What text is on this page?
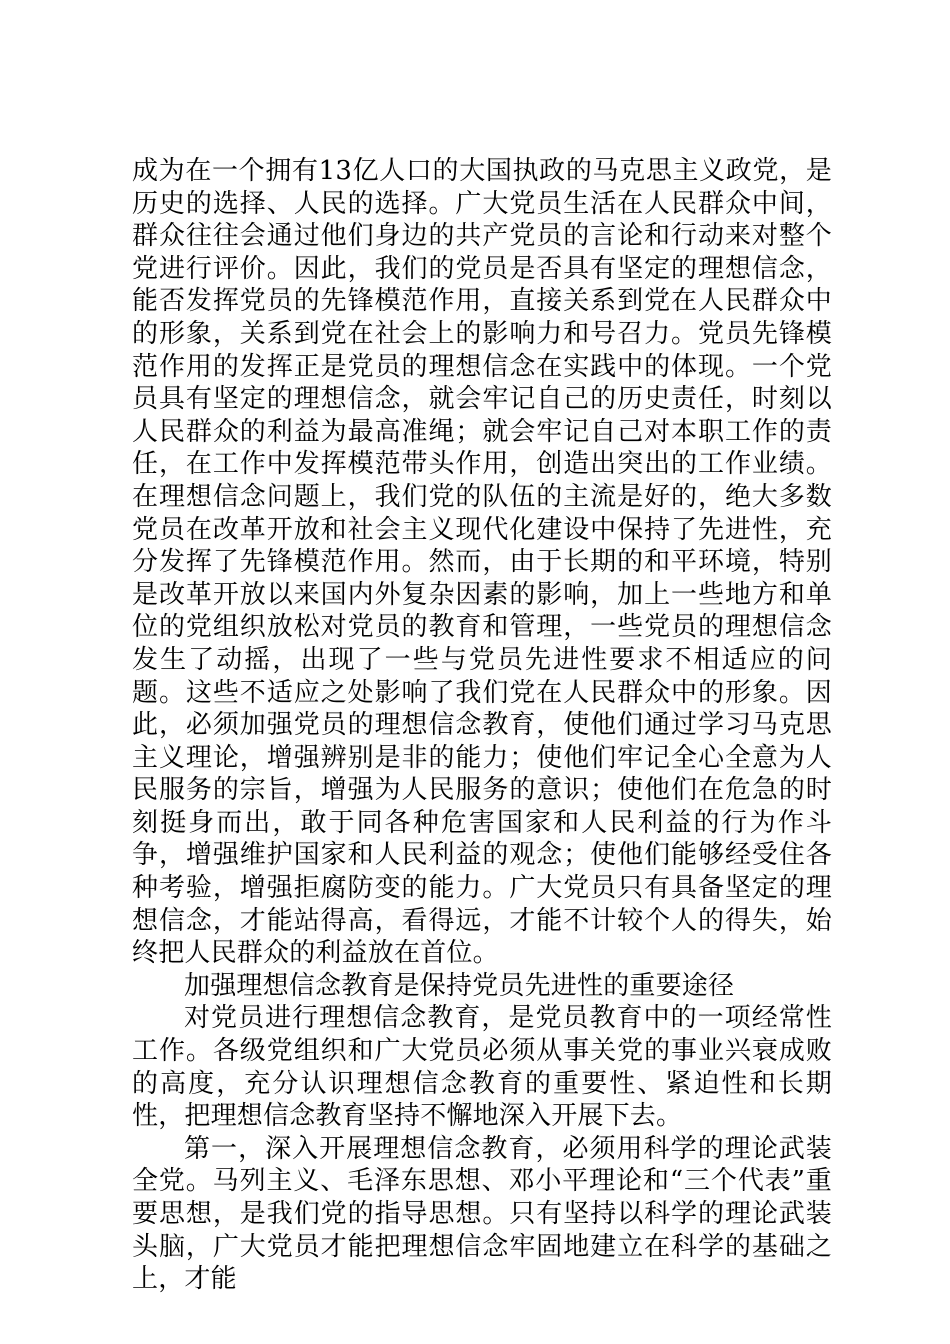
成为在一个拥有13亿人口的大国执政的马克思主义政党，是历史的选择、人民的选择。广大党员生活在人民群众中间，群众往往会通过他们身边的共产党员的言论和行动来对整个党进行评价。因此，我们的党员是否具有坚定的理想信念，能否发挥党员的先锋模范作用，直接关系到党在人民群众中的形象，关系到党在社会上的影响力和号召力。党员先锋模范作用的发挥正是党员的理想信念在实践中的体现。一个党员具有坚定的理想信念，就会牢记自己的历史责任，时刻以人民群众的利益为最高准绳；就会牢记自己对本职工作的责任，在工作中发挥模范带头作用，创造出突出的工作业绩。在理想信念问题上，我们党的队伍的主流是好的，绝大多数党员在改革开放和社会主义现代化建设中保持了先进性，充分发挥了先锋模范作用。然而，由于长期的和平环境，特别是改革开放以来国内外复杂因素的影响，加上一些地方和单位的党组织放松对党员的教育和管理，一些党员的理想信念发生了动摇，出现了一些与党员先进性要求不相适应的问题。这些不适应之处影响了我们党在人民群众中的形象。因此，必须加强党员的理想信念教育，使他们通过学习马克思主义理论，增强辨别是非的能力；使他们牢记全心全意为人民服务的宗旨，增强为人民服务的意识；使他们在危急的时刻挺身而出，敢于同各种危害国家和人民利益的行为作斗争，增强维护国家和人民利益的观念；使他们能够经受住各种考验，增强拒腐防变的能力。广大党员只有具备坚定的理想信念，才能站得高，看得远，才能不计较个人的得失，始终把人民群众的利益放在首位。

加强理想信念教育是保持党员先进性的重要途径

对党员进行理想信念教育，是党员教育中的一项经常性工作。各级党组织和广大党员必须从事关党的事业兴衰成败的高度，充分认识理想信念教育的重要性、紧迫性和长期性，把理想信念教育坚持不懈地深入开展下去。

第一，深入开展理想信念教育，必须用科学的理论武装全党。马列主义、毛泽东思想、邓小平理论和“三个代表”重要思想，是我们党的指导思想。只有坚持以科学的理论武装头脑，广大党员才能把理想信念牢固地建立在科学的基础之上，才能
